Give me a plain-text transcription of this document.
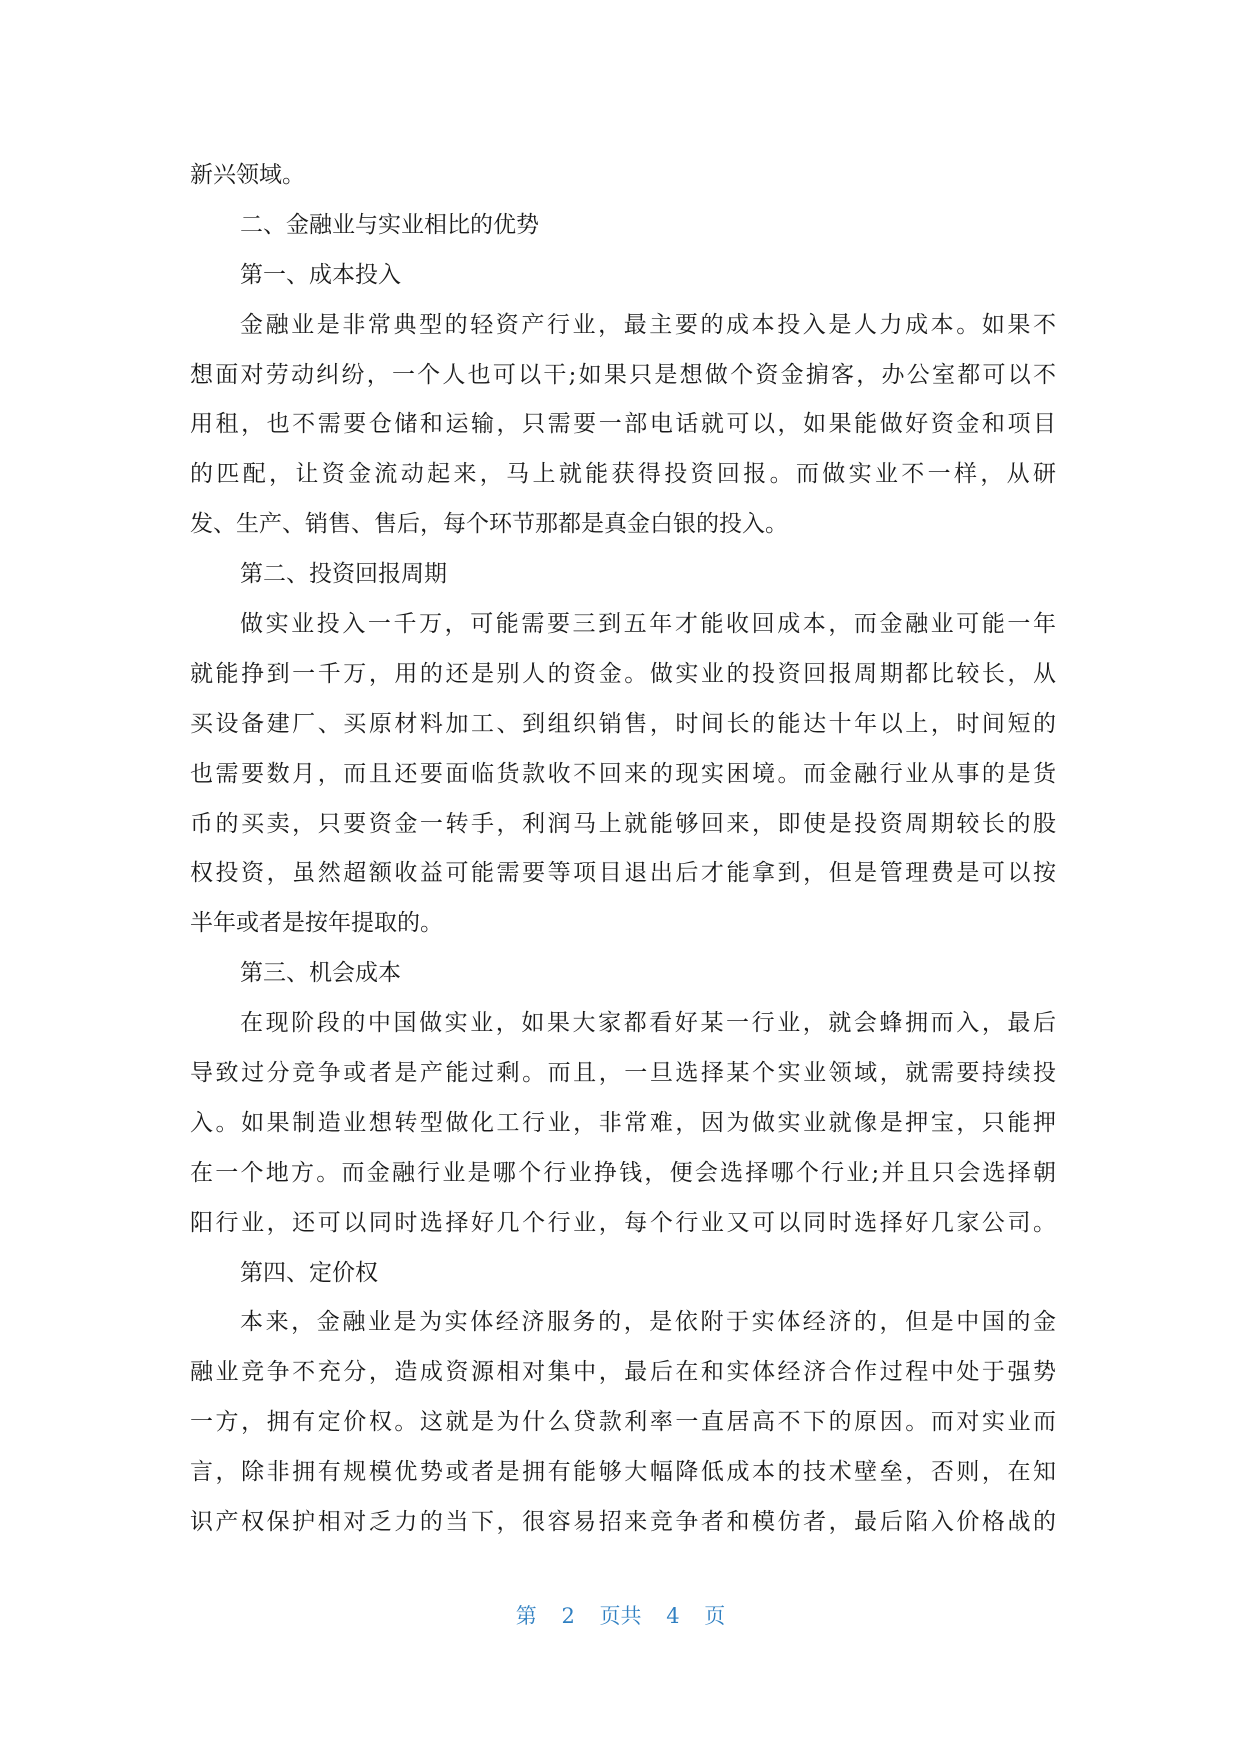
新兴领域。
二、金融业与实业相比的优势
第一、成本投入
金融业是非常典型的轻资产行业，最主要的成本投入是人力成本。如果不
想面对劳动纠纷，一个人也可以干;如果只是想做个资金掮客，办公室都可以不
用租，也不需要仓储和运输，只需要一部电话就可以，如果能做好资金和项目
的匹配，让资金流动起来，马上就能获得投资回报。而做实业不一样，从研
发、生产、销售、售后，每个环节那都是真金白银的投入。
第二、投资回报周期
做实业投入一千万，可能需要三到五年才能收回成本，而金融业可能一年
就能挣到一千万，用的还是别人的资金。做实业的投资回报周期都比较长，从
买设备建厂、买原材料加工、到组织销售，时间长的能达十年以上，时间短的
也需要数月，而且还要面临货款收不回来的现实困境。而金融行业从事的是货
币的买卖，只要资金一转手，利润马上就能够回来，即使是投资周期较长的股
权投资，虽然超额收益可能需要等项目退出后才能拿到，但是管理费是可以按
半年或者是按年提取的。
第三、机会成本
在现阶段的中国做实业，如果大家都看好某一行业，就会蜂拥而入，最后
导致过分竞争或者是产能过剩。而且，一旦选择某个实业领域，就需要持续投
入。如果制造业想转型做化工行业，非常难，因为做实业就像是押宝，只能押
在一个地方。而金融行业是哪个行业挣钱，便会选择哪个行业;并且只会选择朝
阳行业，还可以同时选择好几个行业，每个行业又可以同时选择好几家公司。
第四、定价权
本来，金融业是为实体经济服务的，是依附于实体经济的，但是中国的金
融业竞争不充分，造成资源相对集中，最后在和实体经济合作过程中处于强势
一方，拥有定价权。这就是为什么贷款利率一直居高不下的原因。而对实业而
言，除非拥有规模优势或者是拥有能够大幅降低成本的技术壁垒，否则，在知
识产权保护相对乏力的当下，很容易招来竞争者和模仿者，最后陷入价格战的
第 2 页共 4 页
